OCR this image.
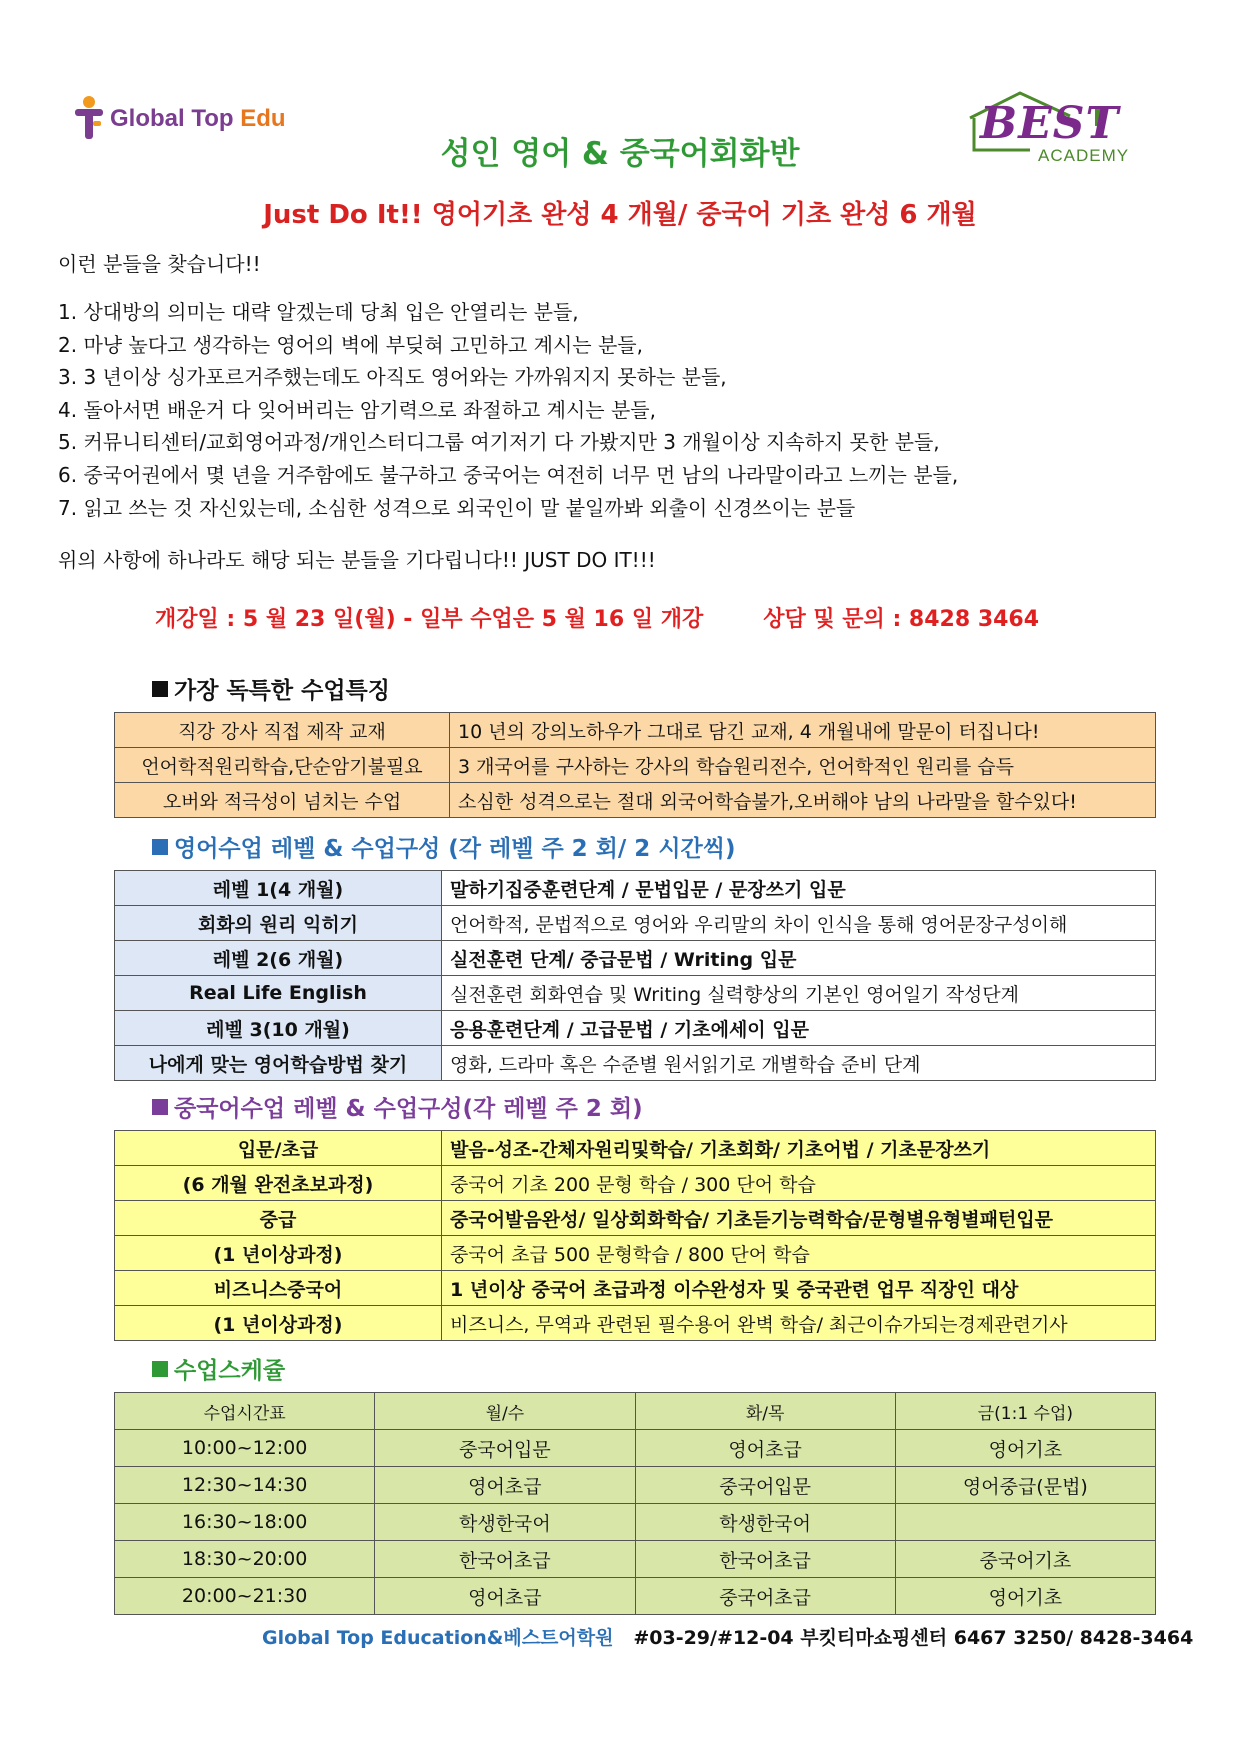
Global Top Edu	BEST
ACADEMY
성인 영어 & 중국어회화반
Just Do It!! 영어기초 완성 4 개월/ 중국어 기초 완성 6 개월
이런 분들을 찾습니다!!
1. 상대방의 의미는 대략 알겠는데 당최 입은 안열리는 분들,
2. 마냥 높다고 생각하는 영어의 벽에 부딪혀 고민하고 계시는 분들,
3. 3 년이상 싱가포르거주했는데도 아직도 영어와는 가까워지지 못하는 분들,
4. 돌아서면 배운거 다 잊어버리는 암기력으로 좌절하고 계시는 분들,
5. 커뮤니티센터/교회영어과정/개인스터디그룹 여기저기 다 가봤지만 3 개월이상 지속하지 못한 분들,
6. 중국어권에서 몇 년을 거주함에도 불구하고 중국어는 여전히 너무 먼 남의 나라말이라고 느끼는 분들,
7. 읽고 쓰는 것 자신있는데, 소심한 성격으로 외국인이 말 붙일까봐 외출이 신경쓰이는 분들
위의 사항에 하나라도 해당 되는 분들을 기다립니다!! JUST DO IT!!!
개강일 : 5 월 23 일(월) - 일부 수업은 5 월 16 일 개강	상담 및 문의 : 8428 3464
가장 독특한 수업특징
직강 강사 직접 제작 교재	10 년의 강의노하우가 그대로 담긴 교재, 4 개월내에 말문이 터집니다!
언어학적원리학습,단순암기불필요	3 개국어를 구사하는 강사의 학습원리전수, 언어학적인 원리를 습득
오버와 적극성이 넘치는 수업	소심한 성격으로는 절대 외국어학습불가,오버해야 남의 나라말을 할수있다!
영어수업 레벨 & 수업구성 (각 레벨 주 2 회/ 2 시간씩)
레벨 1(4 개월)	말하기집중훈련단계 / 문법입문 / 문장쓰기 입문
회화의 원리 익히기	언어학적, 문법적으로 영어와 우리말의 차이 인식을 통해 영어문장구성이해
레벨 2(6 개월)	실전훈련 단계/ 중급문법 / Writing 입문
Real Life English	실전훈련 회화연습 및 Writing 실력향상의 기본인 영어일기 작성단계
레벨 3(10 개월)	응용훈련단계 / 고급문법 / 기초에세이 입문
나에게 맞는 영어학습방법 찾기	영화, 드라마 혹은 수준별 원서읽기로 개별학습 준비 단계
중국어수업 레벨 & 수업구성(각 레벨 주 2 회)
입문/초급	발음-성조-간체자원리및학습/ 기초회화/ 기초어법 / 기초문장쓰기
(6 개월 완전초보과정)	중국어 기초 200 문형 학습 / 300 단어 학습
중급	중국어발음완성/ 일상회화학습/ 기초듣기능력학습/문형별유형별패턴입문
(1 년이상과정)	중국어 초급 500 문형학습 / 800 단어 학습
비즈니스중국어	1 년이상 중국어 초급과정 이수완성자 및 중국관련 업무 직장인 대상
(1 년이상과정)	비즈니스, 무역과 관련된 필수용어 완벽 학습/ 최근이슈가되는경제관련기사
수업스케쥴
수업시간표	월/수	화/목	금(1:1 수업)
10:00~12:00	중국어입문	영어초급	영어기초
12:30~14:30	영어초급	중국어입문	영어중급(문법)
16:30~18:00	학생한국어	학생한국어	
18:30~20:00	한국어초급	한국어초급	중국어기초
20:00~21:30	영어초급	중국어초급	영어기초
Global Top Education&베스트어학원 #03-29/#12-04 부킷티마쇼핑센터 6467 3250/ 8428-3464
